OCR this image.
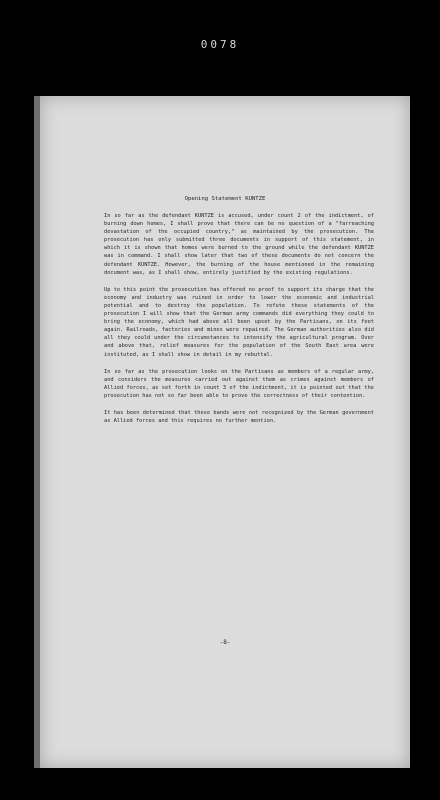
0078
Opening Statement KUNTZE

In so far as the defendant KUNTZE is accused, under count 2 of the indictment, of burning down homes, I shall prove that there can be no question of a "farreaching devastation of the occupied country," as maintained by the prosecution. The prosecution has only submitted three documents in support of this statement, in which it is shown that homes were burned to the ground while the defendant KUNTZE was in command. I shall show later that two of these documents do not concern the defendant KUNTZE. However, the burning of the house mentioned in the remaining document was, as I shall show, entirely justified by the existing regulations.

Up to this point the prosecution has offered no proof to support its charge that the economy and industry was ruined in order to lower the economic and industrial potential and to destroy the population. To refute these statements of the prosecution I will show that the German army commands did everything they could to bring the economy, which had above all been upset by the Partisans, on its feet again. Railroads, factories and mines were repaired. The German authorities also did all they could under the circumstances to intensify the agricultural program. Over and above that, relief measures for the population of the South East area were instituted, as I shall show in detail in my rebuttal.

In so far as the prosecution looks on the Partisans as members of a regular army, and considers the measures carried out against them as crimes against members of Allied forces, as set forth in count 3 of the indictment, it is pointed out that the prosecution has not so far been able to prove the correctness of their contention.

It has been determined that these bands were not recognized by the German government as Allied forces and this requires no further mention.

-8-
